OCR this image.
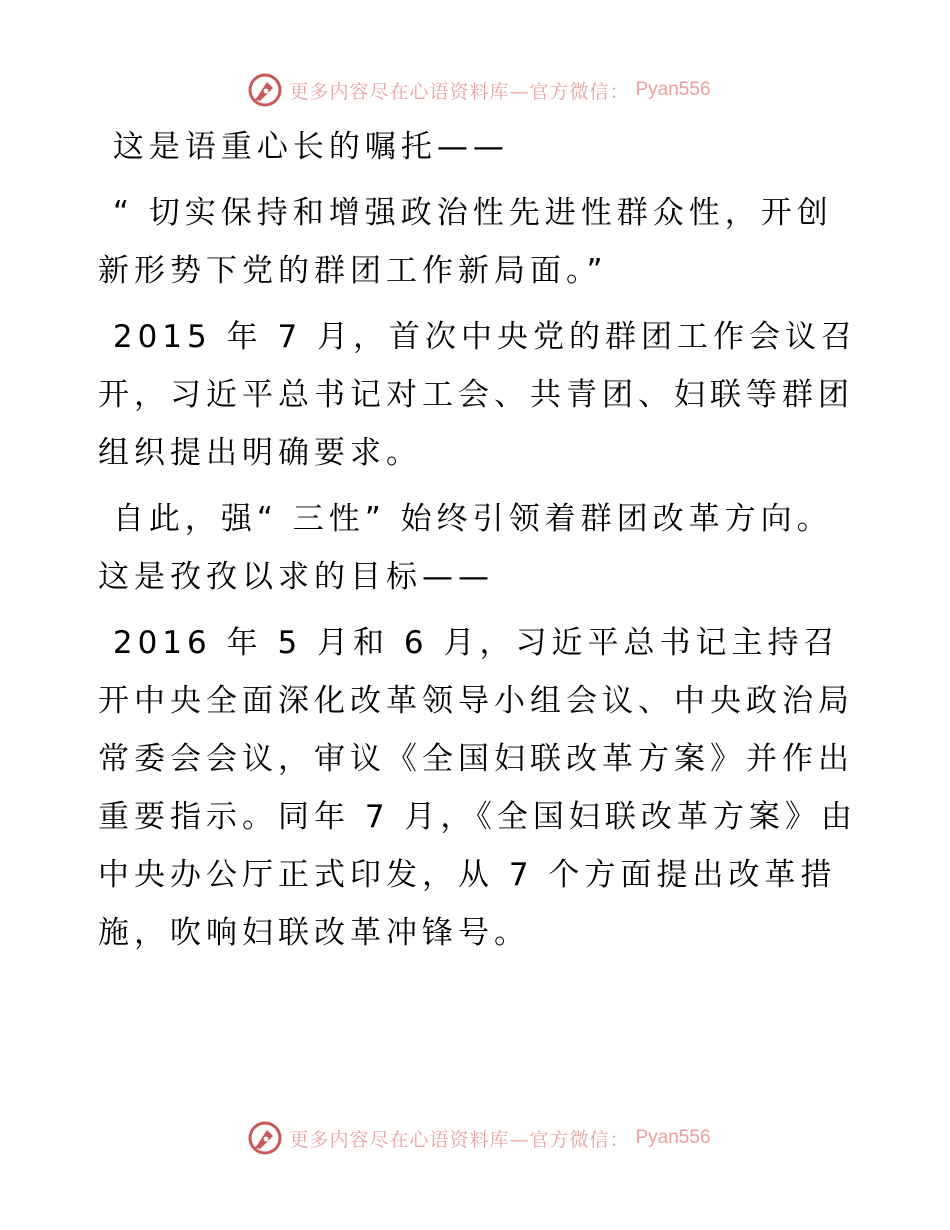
更多内容尽在心语资料库—官方微信： Pyan556

这是语重心长的嘱托——

“ 切实保持和增强政治性先进性群众性，开创新形势下党的群团工作新局面。”

2015 年 7 月，首次中央党的群团工作会议召开，习近平总书记对工会、共青团、妇联等群团组织提出明确要求。

自此，强“ 三性” 始终引领着群团改革方向。

这是孜孜以求的目标——

2016 年 5 月和 6 月，习近平总书记主持召开中央全面深化改革领导小组会议、中央政治局常委会会议，审议《全国妇联改革方案》并作出重要指示。同年 7 月，《全国妇联改革方案》由中央办公厅正式印发，从 7 个方面提出改革措施，吹响妇联改革冲锋号。

更多内容尽在心语资料库—官方微信： Pyan556
